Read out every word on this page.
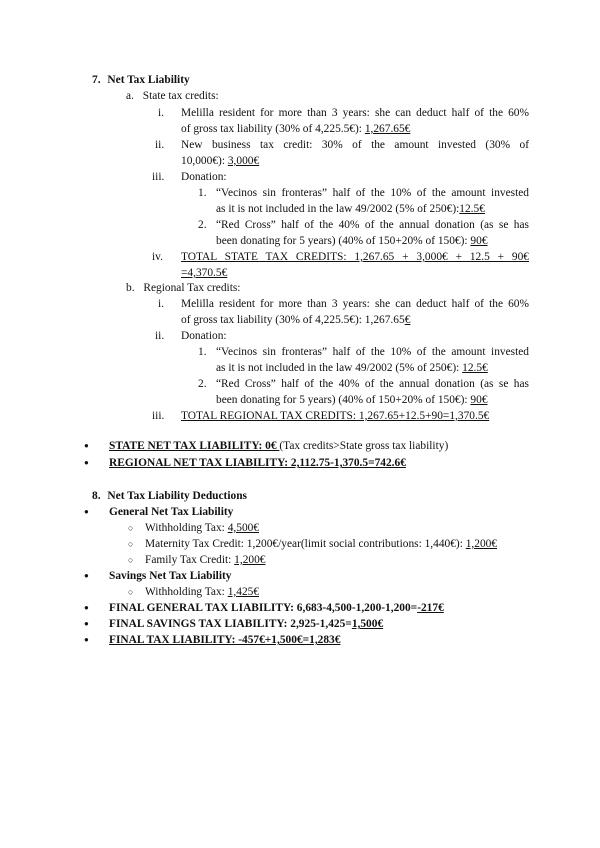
7. Net Tax Liability
a. State tax credits:
i. Melilla resident for more than 3 years: she can deduct half of the 60%
of gross tax liability (30% of 4,225.5€): 1,267.65€
ii. New business tax credit: 30% of the amount invested (30% of
10,000€): 3,000€
iii. Donation:
1. “Vecinos sin fronteras” half of the 10% of the amount invested
as it is not included in the law 49/2002 (5% of 250€):12.5€
2. “Red Cross” half of the 40% of the annual donation (as se has
been donating for 5 years) (40% of 150+20% of 150€): 90€
iv. TOTAL STATE TAX CREDITS: 1,267.65 + 3,000€ + 12.5 + 90€
=4,370.5€
b. Regional Tax credits:
i. Melilla resident for more than 3 years: she can deduct half of the 60%
of gross tax liability (30% of 4,225.5€): 1,267.65€
ii. Donation:
1. “Vecinos sin fronteras” half of the 10% of the amount invested
as it is not included in the law 49/2002 (5% of 250€): 12.5€
2. “Red Cross” half of the 40% of the annual donation (as se has
been donating for 5 years) (40% of 150+20% of 150€): 90€
iii. TOTAL REGIONAL TAX CREDITS: 1,267.65+12.5+90=1,370.5€
● STATE NET TAX LIABILITY: 0€ (Tax credits>State gross tax liability)
● REGIONAL NET TAX LIABILITY: 2,112.75-1,370.5=742.6€
8. Net Tax Liability Deductions
● General Net Tax Liability
○ Withholding Tax: 4,500€
○ Maternity Tax Credit: 1,200€/year(limit social contributions: 1,440€): 1,200€
○ Family Tax Credit: 1,200€
● Savings Net Tax Liability
○ Withholding Tax: 1,425€
● FINAL GENERAL TAX LIABILITY: 6,683-4,500-1,200-1,200=-217€
● FINAL SAVINGS TAX LIABILITY: 2,925-1,425=1,500€
● FINAL TAX LIABILITY: -457€+1,500€=1,283€
